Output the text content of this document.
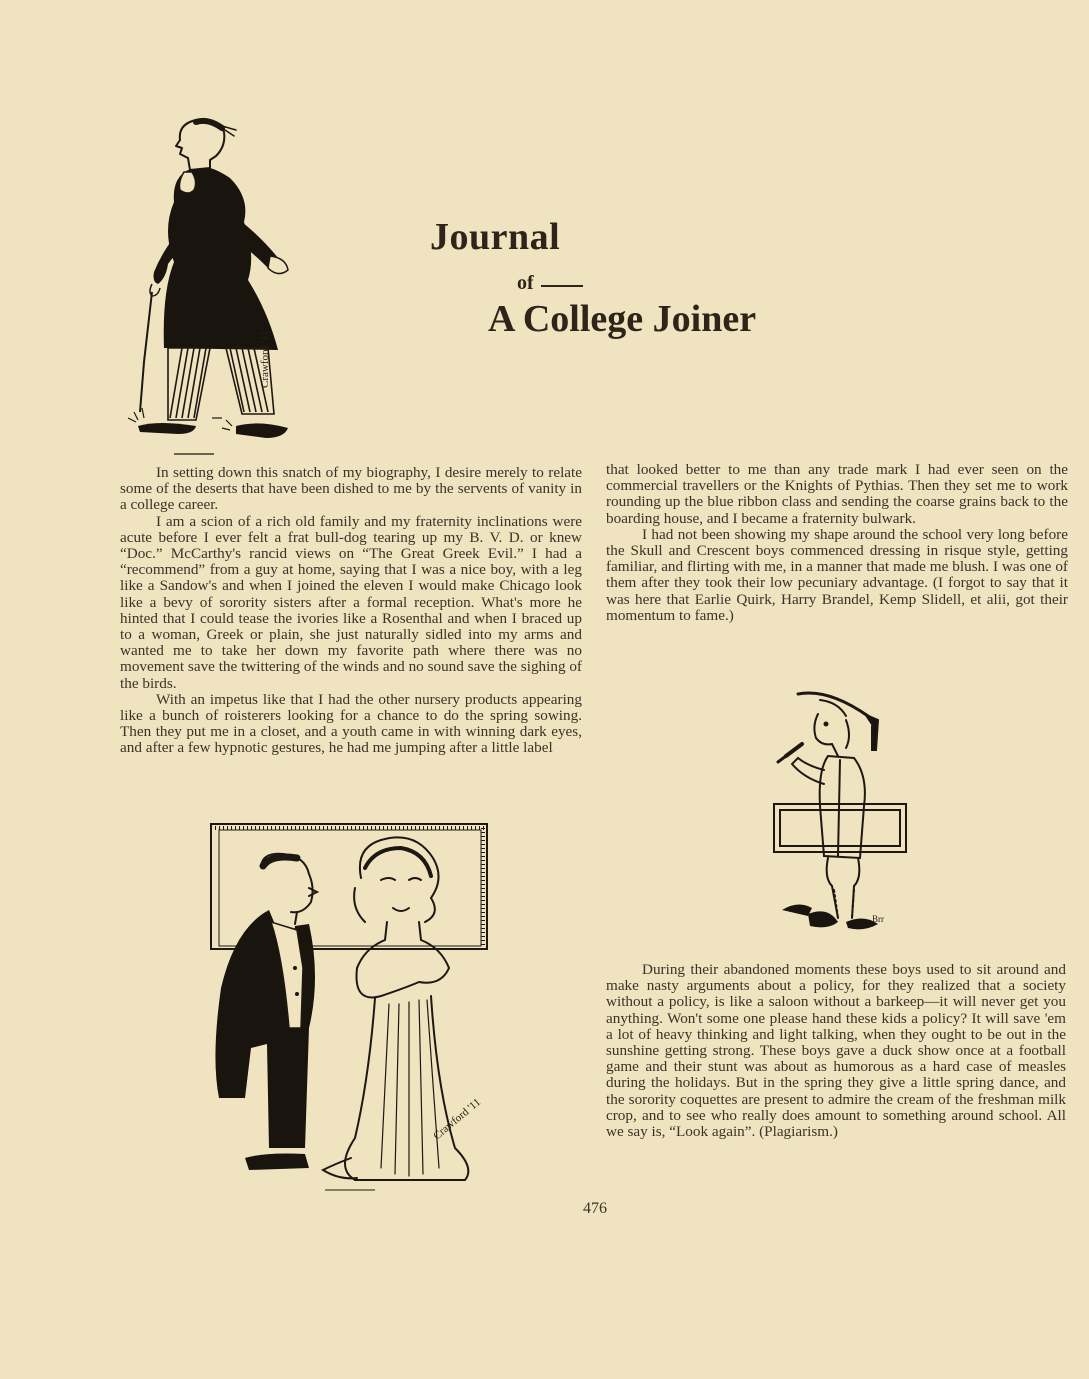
Crawford '11
Journal
of
A College Joiner

In setting down this snatch of my biography, I desire merely to relate some of the deserts that have been dished to me by the servents of vanity in a college career.

I am a scion of a rich old family and my fraternity inclinations were acute before I ever felt a frat bull-dog tearing up my B. V. D. or knew “Doc.” McCarthy's rancid views on “The Great Greek Evil.” I had a “recommend” from a guy at home, saying that I was a nice boy, with a leg like a Sandow's and when I joined the eleven I would make Chicago look like a bevy of sorority sisters after a formal reception. What's more he hinted that I could tease the ivories like a Rosenthal and when I braced up to a woman, Greek or plain, she just naturally sidled into my arms and wanted me to take her down my favorite path where there was no movement save the twittering of the winds and no sound save the sighing of the birds.

With an impetus like that I had the other nursery products appearing like a bunch of roisterers looking for a chance to do the spring sowing. Then they put me in a closet, and a youth came in with winning dark eyes, and after a few hypnotic gestures, he had me jumping after a little label

that looked better to me than any trade mark I had ever seen on the commercial travellers or the Knights of Pythias. Then they set me to work rounding up the blue ribbon class and sending the coarse grains back to the boarding house, and I became a fraternity bulwark.

I had not been showing my shape around the school very long before the Skull and Crescent boys commenced dressing in risque style, getting familiar, and flirting with me, in a manner that made me blush. I was one of them after they took their low pecuniary advantage. (I forgot to say that it was here that Earlie Quirk, Harry Brandel, Kemp Slidell, et alii, got their momentum to fame.)

Brr

During their abandoned moments these boys used to sit around and make nasty arguments about a policy, for they realized that a society without a policy, is like a saloon without a barkeep—it will never get you anything. Won't some one please hand these kids a policy? It will save 'em a lot of heavy thinking and light talking, when they ought to be out in the sunshine getting strong. These boys gave a duck show once at a football game and their stunt was about as humorous as a hard case of measles during the holidays. But in the spring they give a little spring dance, and the sorority coquettes are present to admire the cream of the freshman milk crop, and to see who really does amount to something around school. All we say is, “Look again”. (Plagiarism.)

Crawford '11
476
